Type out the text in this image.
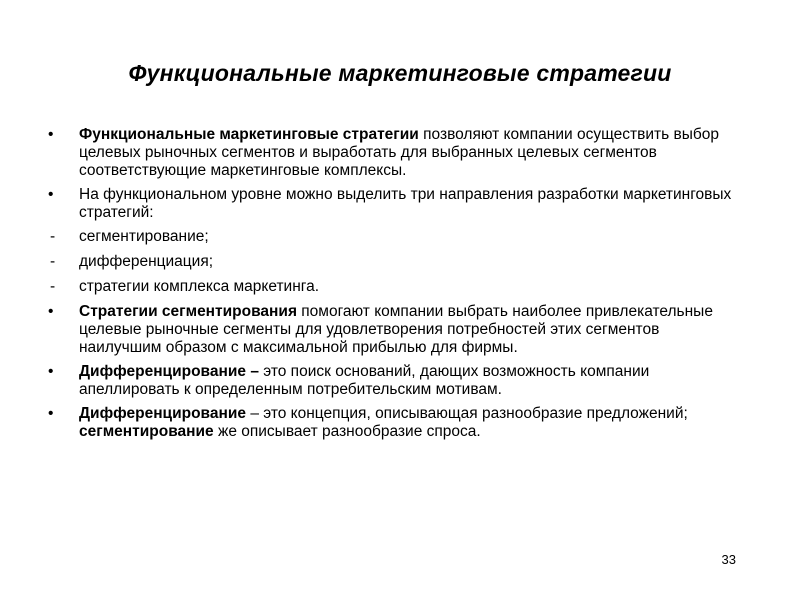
Функциональные маркетинговые стратегии
•	Функциональные маркетинговые стратегии позволяют компании осуществить выбор целевых рыночных сегментов и выработать для выбранных целевых сегментов соответствующие маркетинговые комплексы.
•	На функциональном уровне можно выделить три направления разработки маркетинговых стратегий:
-	сегментирование;
-	дифференциация;
-	стратегии комплекса маркетинга.
•	Стратегии сегментирования помогают компании выбрать наиболее привлекательные целевые рыночные сегменты для удовлетворения потребностей этих сегментов наилучшим образом с максимальной прибылью для фирмы.
•	Дифференцирование – это поиск оснований, дающих возможность компании апеллировать к определенным потребительским мотивам.
•	Дифференцирование – это концепция, описывающая разнообразие предложений; сегментирование же описывает разнообразие спроса.
33
